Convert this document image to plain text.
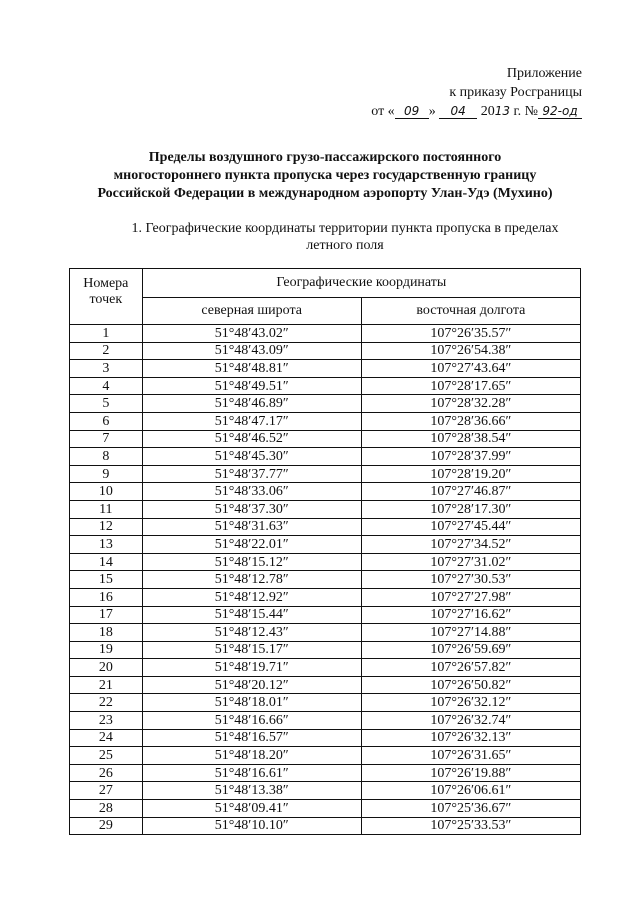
Приложение
к приказу Росграницы
от « 09 » 04 2013 г. № 92-од
Пределы воздушного грузо-пассажирского постоянного
многостороннего пункта пропуска через государственную границу
Российской Федерации в международном аэропорту Улан-Удэ (Мухино)
1. Географические координаты территории пункта пропуска в пределах
летного поля
Номера точек	Географические координаты	
	северная широта	восточная долгота
1	51°48′43.02″	107°26′35.57″
2	51°48′43.09″	107°26′54.38″
3	51°48′48.81″	107°27′43.64″
4	51°48′49.51″	107°28′17.65″
5	51°48′46.89″	107°28′32.28″
6	51°48′47.17″	107°28′36.66″
7	51°48′46.52″	107°28′38.54″
8	51°48′45.30″	107°28′37.99″
9	51°48′37.77″	107°28′19.20″
10	51°48′33.06″	107°27′46.87″
11	51°48′37.30″	107°28′17.30″
12	51°48′31.63″	107°27′45.44″
13	51°48′22.01″	107°27′34.52″
14	51°48′15.12″	107°27′31.02″
15	51°48′12.78″	107°27′30.53″
16	51°48′12.92″	107°27′27.98″
17	51°48′15.44″	107°27′16.62″
18	51°48′12.43″	107°27′14.88″
19	51°48′15.17″	107°26′59.69″
20	51°48′19.71″	107°26′57.82″
21	51°48′20.12″	107°26′50.82″
22	51°48′18.01″	107°26′32.12″
23	51°48′16.66″	107°26′32.74″
24	51°48′16.57″	107°26′32.13″
25	51°48′18.20″	107°26′31.65″
26	51°48′16.61″	107°26′19.88″
27	51°48′13.38″	107°26′06.61″
28	51°48′09.41″	107°25′36.67″
29	51°48′10.10″	107°25′33.53″
